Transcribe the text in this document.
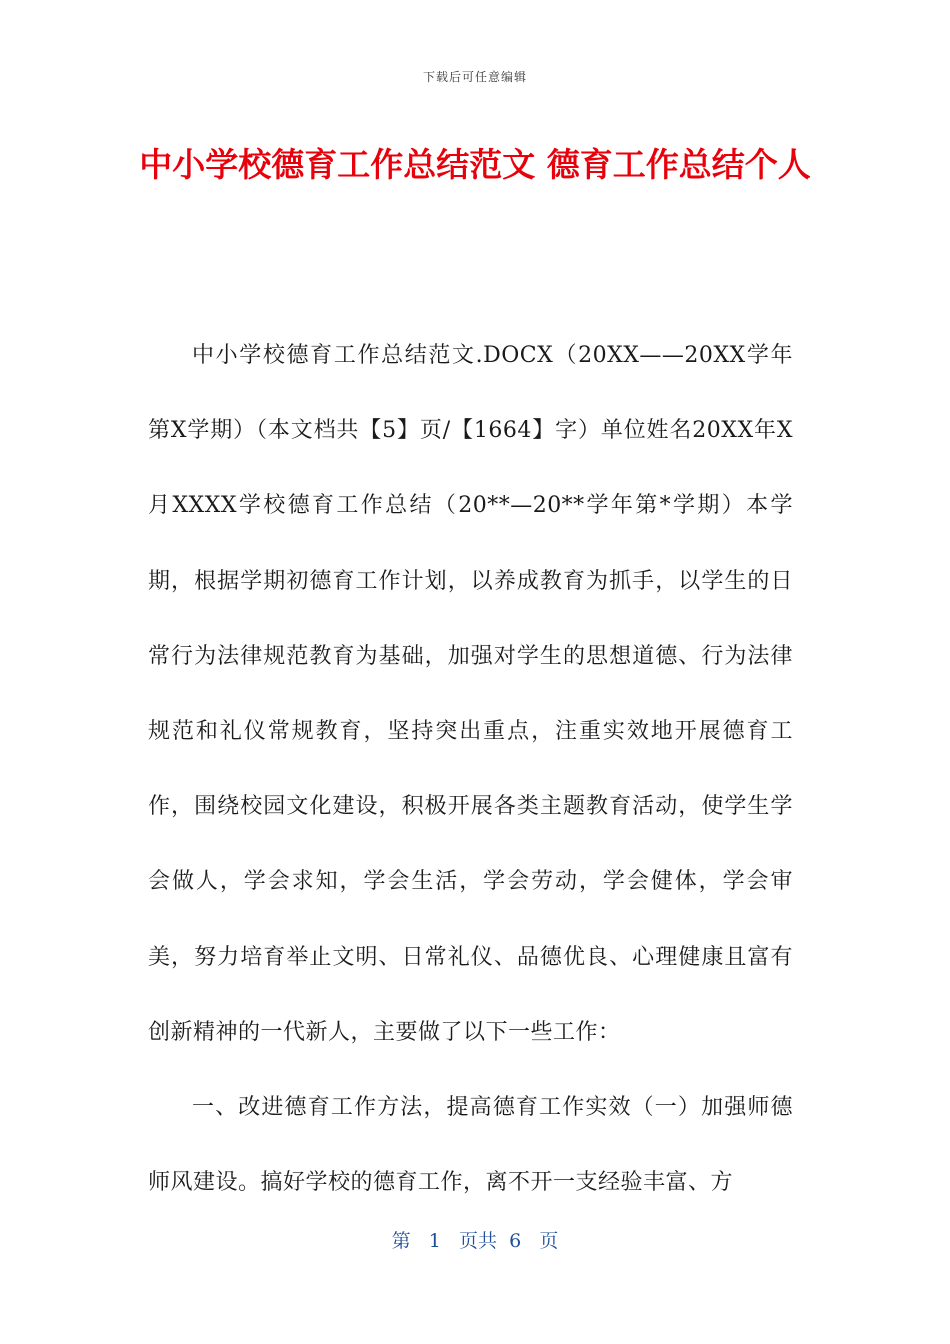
下载后可任意编辑
中小学校德育工作总结范文 德育工作总结个人

中小学校德育工作总结范文.DOCX（20XX——20XX学年第X学期）（本文档共【5】页/【1664】字）单位姓名20XX年X月XXXX学校德育工作总结（20**—20**学年第*学期）本学期，根据学期初德育工作计划，以养成教育为抓手，以学生的日常行为法律规范教育为基础，加强对学生的思想道德、行为法律规范和礼仪常规教育，坚持突出重点，注重实效地开展德育工作，围绕校园文化建设，积极开展各类主题教育活动，使学生学会做人，学会求知，学会生活，学会劳动，学会健体，学会审美，努力培育举止文明、日常礼仪、品德优良、心理健康且富有创新精神的一代新人，主要做了以下一些工作：

一、改进德育工作方法，提高德育工作实效（一）加强师德师风建设。搞好学校的德育工作，离不开一支经验丰富、方

第 1 页共 6 页
